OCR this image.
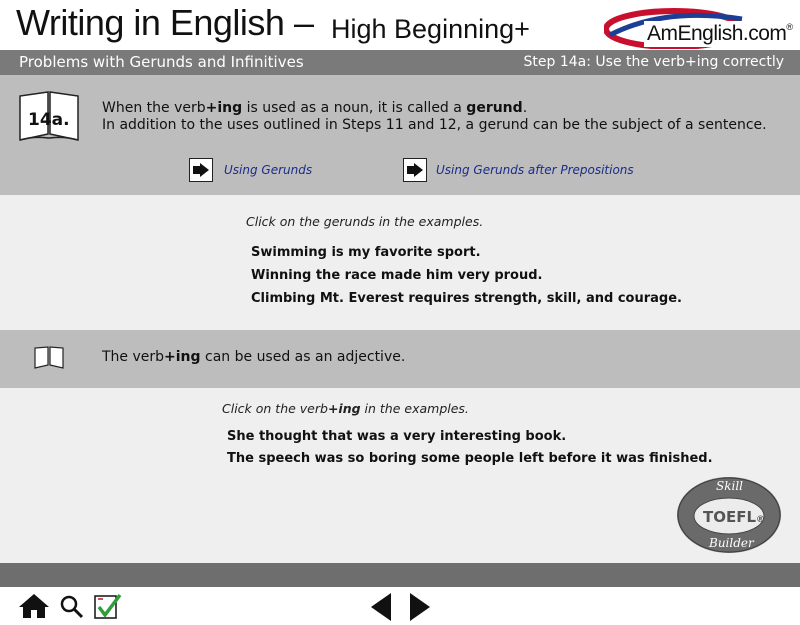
Writing in English – High Beginning+	AmEnglish.com®
Problems with Gerunds and Infinitives	Step 14a: Use the verb+ing correctly
14a.
When the verb+ing is used as a noun, it is called a gerund.
In addition to the uses outlined in Steps 11 and 12, a gerund can be the subject of a sentence.
Using Gerunds	Using Gerunds after Prepositions
Click on the gerunds in the examples.
Swimming is my favorite sport.
Winning the race made him very proud.
Climbing Mt. Everest requires strength, skill, and courage.
The verb+ing can be used as an adjective.
Click on the verb+ing in the examples.
She thought that was a very interesting book.
The speech was so boring some people left before it was finished.
Skill
TOEFL®
Builder
